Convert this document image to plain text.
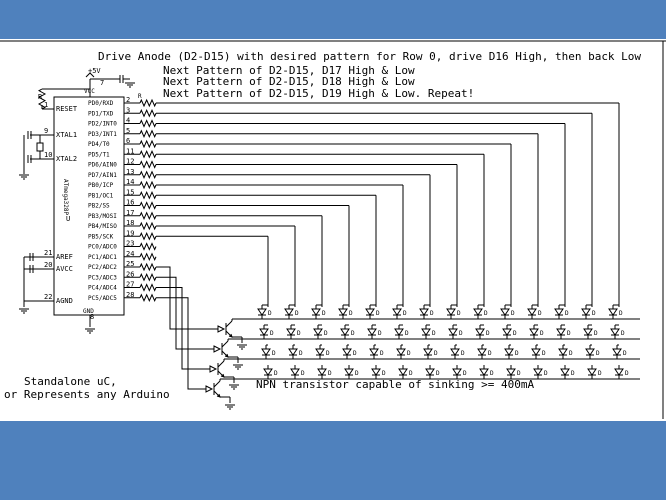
Drive Anode (D2-D15) with desired pattern for Row 0, drive D16 High, then back Low
Next Pattern of D2-D15, D17 High & Low
Next Pattern of D2-D15, D18 High & Low
Next Pattern of D2-D15, D19 High & Low. Repeat!
Standalone uC,
or Represents any Arduino
NPN transistor capable of sinking >= 400mA
VCC
GND
+5V
8
7
ATmega328P
U
R	R
RESET
1
XTAL1
9
XTAL2
10
AREF
21
AVCC
20
AGND
22
PD0/RXD 2
PD1/TXD 3
PD2/INT0 4
PD3/INT1 5
PD4/T0 6
PD5/T1 11
PD6/AIN0 12
PD7/AIN1 13
PB0/ICP 14
PB1/OC1 15
PB2/SS 16
PB3/MOSI 17
PB4/MISO 18
PB5/SCK 19
PC0/ADC0 23
PC1/ADC1 24
PC2/ADC2 25
PC3/ADC3 26
PC4/ADC4 27
PC5/ADC5 28
D	D	D	D	D	D	D	D	D	D	D	D	D	D
D	D	D	D	D	D	D	D	D	D	D	D	D	D
D	D	D	D	D	D	D	D	D	D	D	D	D	D
D	D	D	D	D	D	D	D	D	D	D	D	D	D
